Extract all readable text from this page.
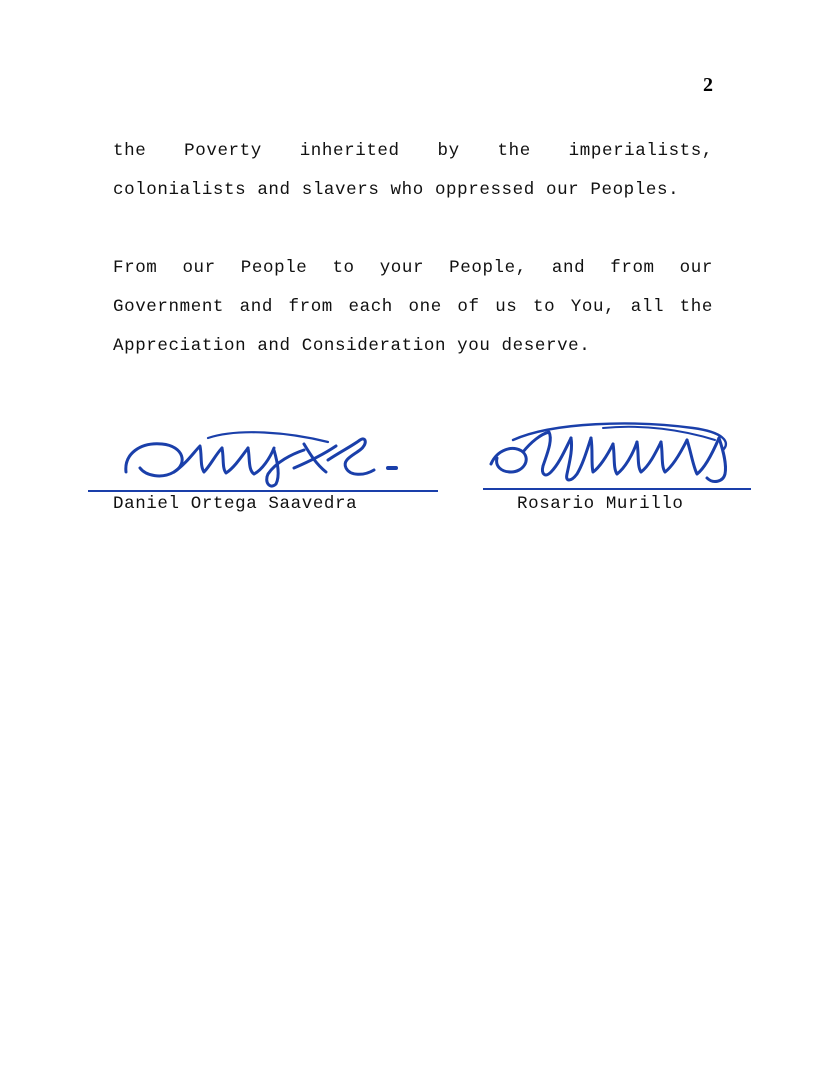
2

the Poverty inherited by the imperialists, colonialists and slavers who oppressed our Peoples.

From our People to your People, and from our Government and from each one of us to You, all the Appreciation and Consideration you deserve.

Daniel Ortega Saavedra	Rosario Murillo
